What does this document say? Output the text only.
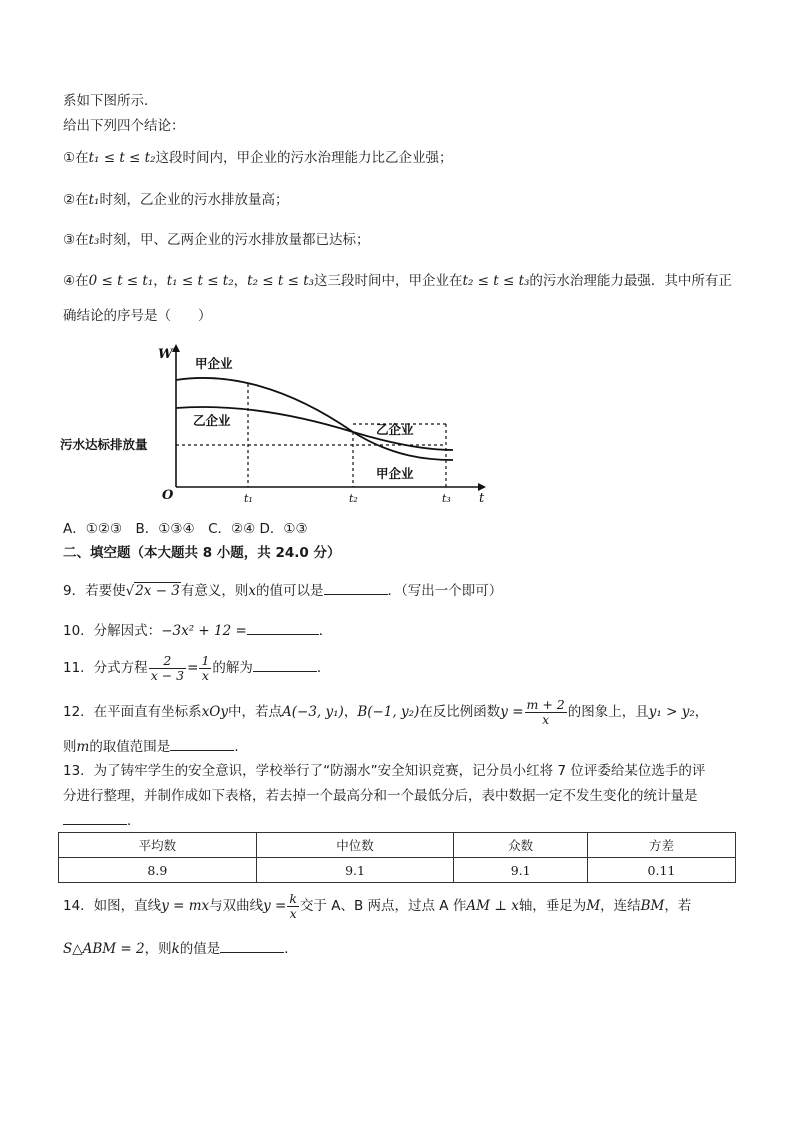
系如下图所示．
给出下列四个结论：
①在t₁ ≤ t ≤ t₂这段时间内，甲企业的污水治理能力比乙企业强；
②在t₁时刻，乙企业的污水排放量高；
③在t₃时刻，甲、乙两企业的污水排放量都已达标；
④在0 ≤ t ≤ t₁，t₁ ≤ t ≤ t₂，t₂ ≤ t ≤ t₃这三段时间中，甲企业在t₂ ≤ t ≤ t₃的污水治理能力最强．其中所有正
确结论的序号是（　　）
W
t
O
甲企业
乙企业
乙企业
甲企业
污水达标排放量
t₁	t₂	t₃
A．①②③　B．①③④　C．②④ D．①③
二、填空题（本大题共 8 小题，共 24.0 分）
9．若要使√2x − 3有意义，则x的值可以是	．（写出一个即可）
10．分解因式：−3x² + 12 =	．
11．分式方程 $\frac{2}{x - 3} = \frac{1}{x}$ 的解为	．
12．在平面直有坐标系xOy中，若点A(−3, y₁)，B(−1, y₂)在反比例函数$y = \frac{m + 2}{x}$ 的图象上，且y₁ > y₂，
则m的取值范围是	．
13．为了铸牢学生的安全意识，学校举行了“防溺水”安全知识竞赛，记分员小红将 7 位评委给某位选手的评
分进行整理，并制作成如下表格，若去掉一个最高分和一个最低分后，表中数据一定不发生变化的统计量是
．
平均数	中位数	众数	方差
8.9	9.1	9.1	0.11
14．如图，直线y = mx与双曲线$y = \frac{k}{x}$ 交于 A、B 两点，过点 A 作AM ⊥ x轴，垂足为M，连结BM，若
S△ABM = 2，则k的值是	．
